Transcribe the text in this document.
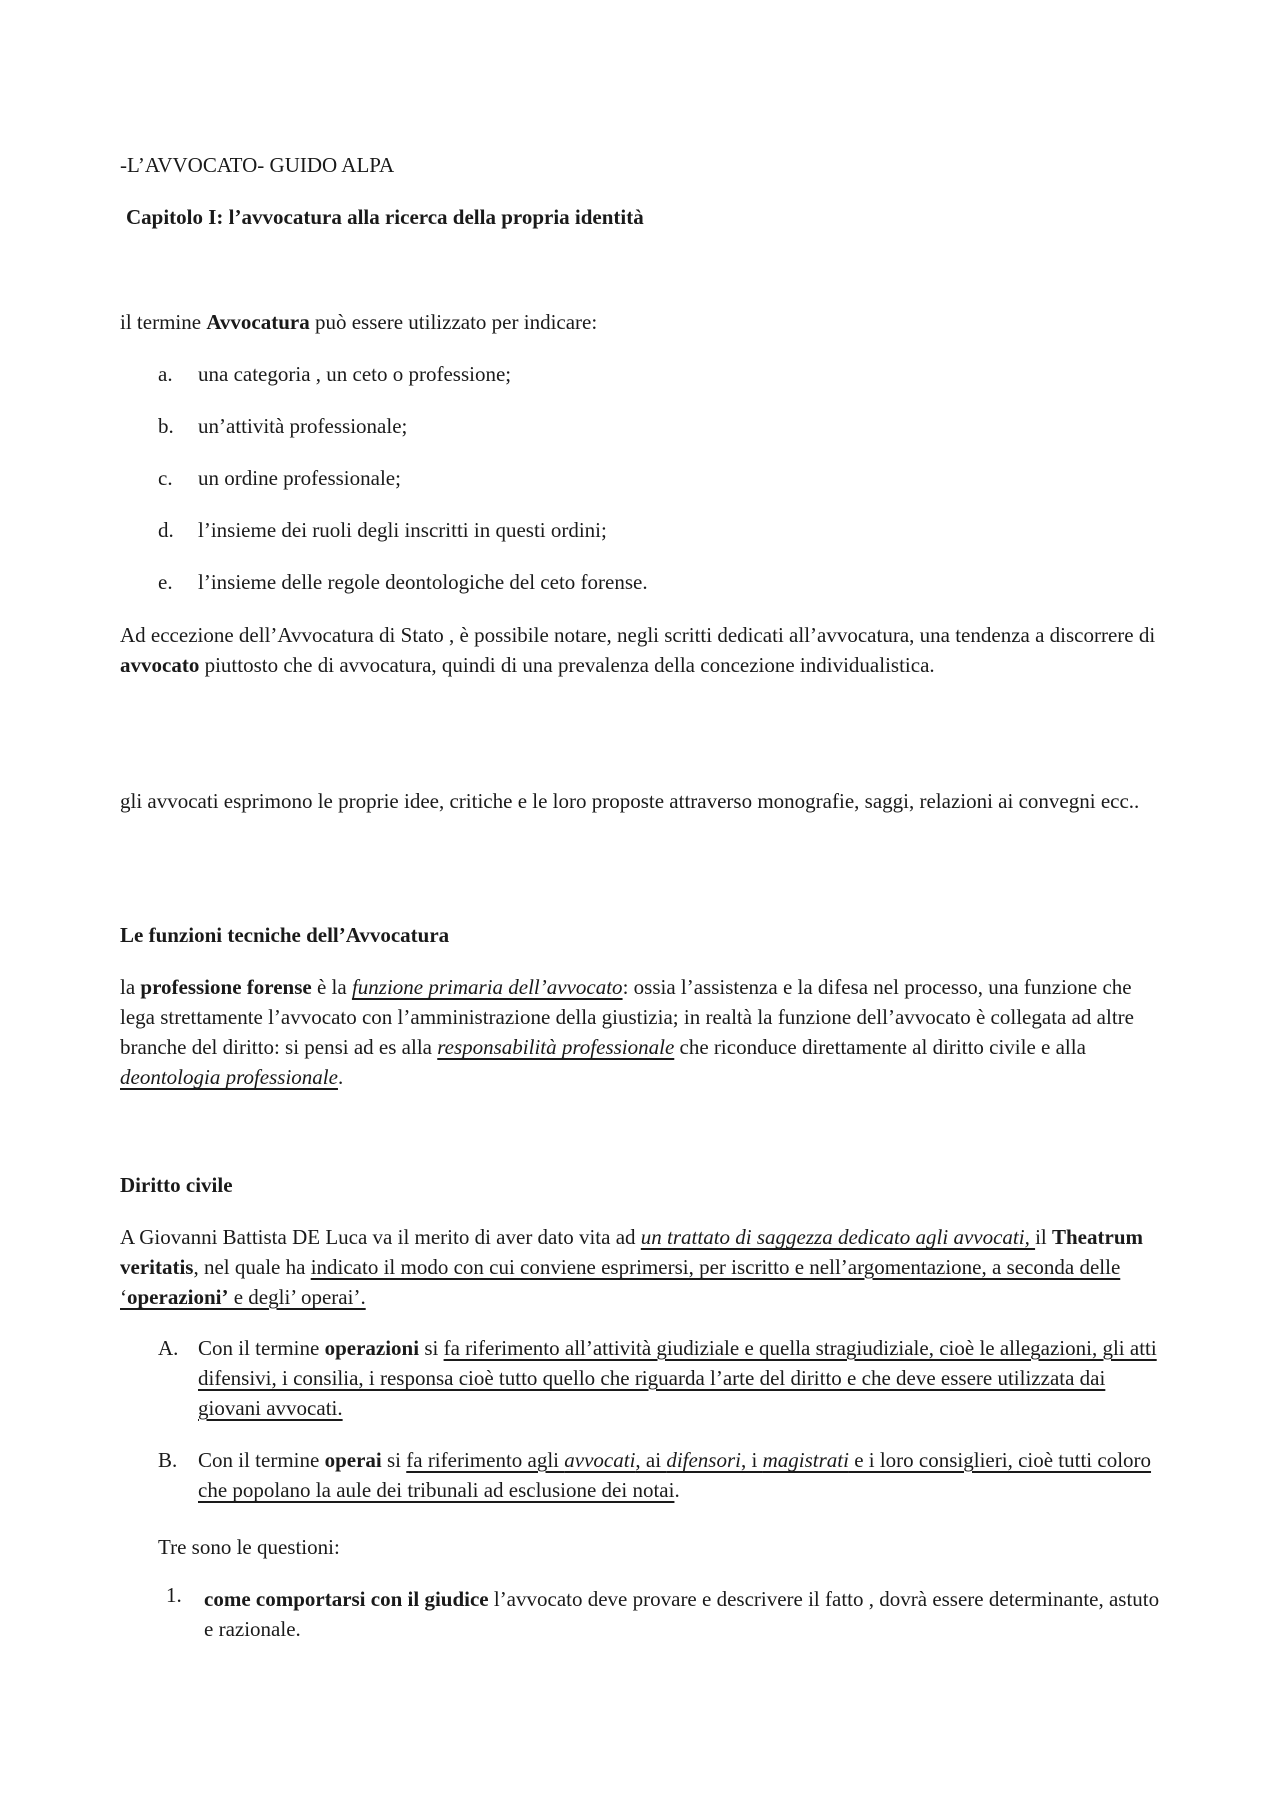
-L’AVVOCATO- GUIDO ALPA

Capitolo I: l’avvocatura alla ricerca della propria identità

il termine Avvocatura può essere utilizzato per indicare:

a. una categoria , un ceto o professione;
b. un’attività professionale;
c. un ordine professionale;
d. l’insieme dei ruoli degli inscritti in questi ordini;
e. l’insieme delle regole deontologiche del ceto forense.

Ad eccezione dell’Avvocatura di Stato , è possibile notare, negli scritti dedicati all’avvocatura, una tendenza a discorrere di avvocato piuttosto che di avvocatura, quindi di una prevalenza della concezione individualistica.

gli avvocati esprimono le proprie idee, critiche e le loro proposte attraverso monografie, saggi, relazioni ai convegni ecc..

Le funzioni tecniche dell’Avvocatura

la professione forense è la funzione primaria dell’avvocato: ossia l’assistenza e la difesa nel processo, una funzione che lega strettamente l’avvocato con l’amministrazione della giustizia; in realtà la funzione dell’avvocato è collegata ad altre branche del diritto: si pensi ad es alla responsabilità professionale che riconduce direttamente al diritto civile e alla deontologia professionale.

Diritto civile

A Giovanni Battista DE Luca va il merito di aver dato vita ad un trattato di saggezza dedicato agli avvocati, il Theatrum veritatis, nel quale ha indicato il modo con cui conviene esprimersi, per iscritto e nell’argomentazione, a seconda delle ‘operazioni’ e degli’ operai’.

A. Con il termine operazioni si fa riferimento all’attività giudiziale e quella stragiudiziale, cioè le allegazioni, gli atti difensivi, i consilia, i responsa cioè tutto quello che riguarda l’arte del diritto e che deve essere utilizzata dai giovani avvocati.
B. Con il termine operai si fa riferimento agli avvocati, ai difensori, i magistrati e i loro consiglieri, cioè tutti coloro che popolano la aule dei tribunali ad esclusione dei notai.

Tre sono le questioni:

1. come comportarsi con il giudice l’avvocato deve provare e descrivere il fatto , dovrà essere determinante, astuto e razionale.
